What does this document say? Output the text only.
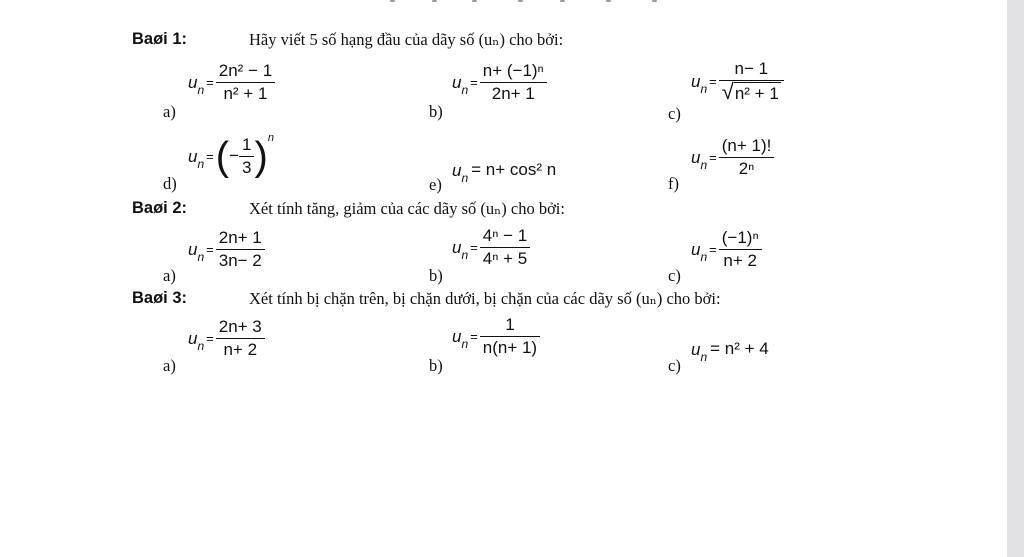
Baøi 1:	Hãy viết 5 số hạng đầu của dãy số (uₙ) cho bởi:
a)
$u_n = \frac{\text{2n² − 1}}{\text{n² + 1}}$
b)
$u_n = \frac{\text{n+ (−1)ⁿ}}{2n+ 1}$
c)
$u_n = \frac{n- 1}{\text{√n² + 1}}$
d)
$u_n$ =(− $\frac{1}{3} )^n$
e)
$u_n = n+ \cos^2$ n
f)
$u_n = \frac{(n+ 1)!}{\text{2ⁿ}}$
Baøi 2:	Xét tính tăng, giảm của các dãy số (uₙ) cho bởi:
a)
$u_n = \frac{2n+ 1}{3n- 2}$
b)
$u_n = \frac{\text{4ⁿ − 1}}{\text{4ⁿ + 5}}$
c)
$u_n = \frac{\text{(−1)ⁿ}}{n+ 2}$
Baøi 3:	Xét tính bị chặn trên, bị chặn dưới, bị chặn của các dãy số (uₙ) cho bởi:
a)
$u_n = \frac{2n+ 3}{n+ 2}$
b)
$u_n = \frac{1}{n(n+ 1)}$
c)
$u_n = n^2 + 4$
